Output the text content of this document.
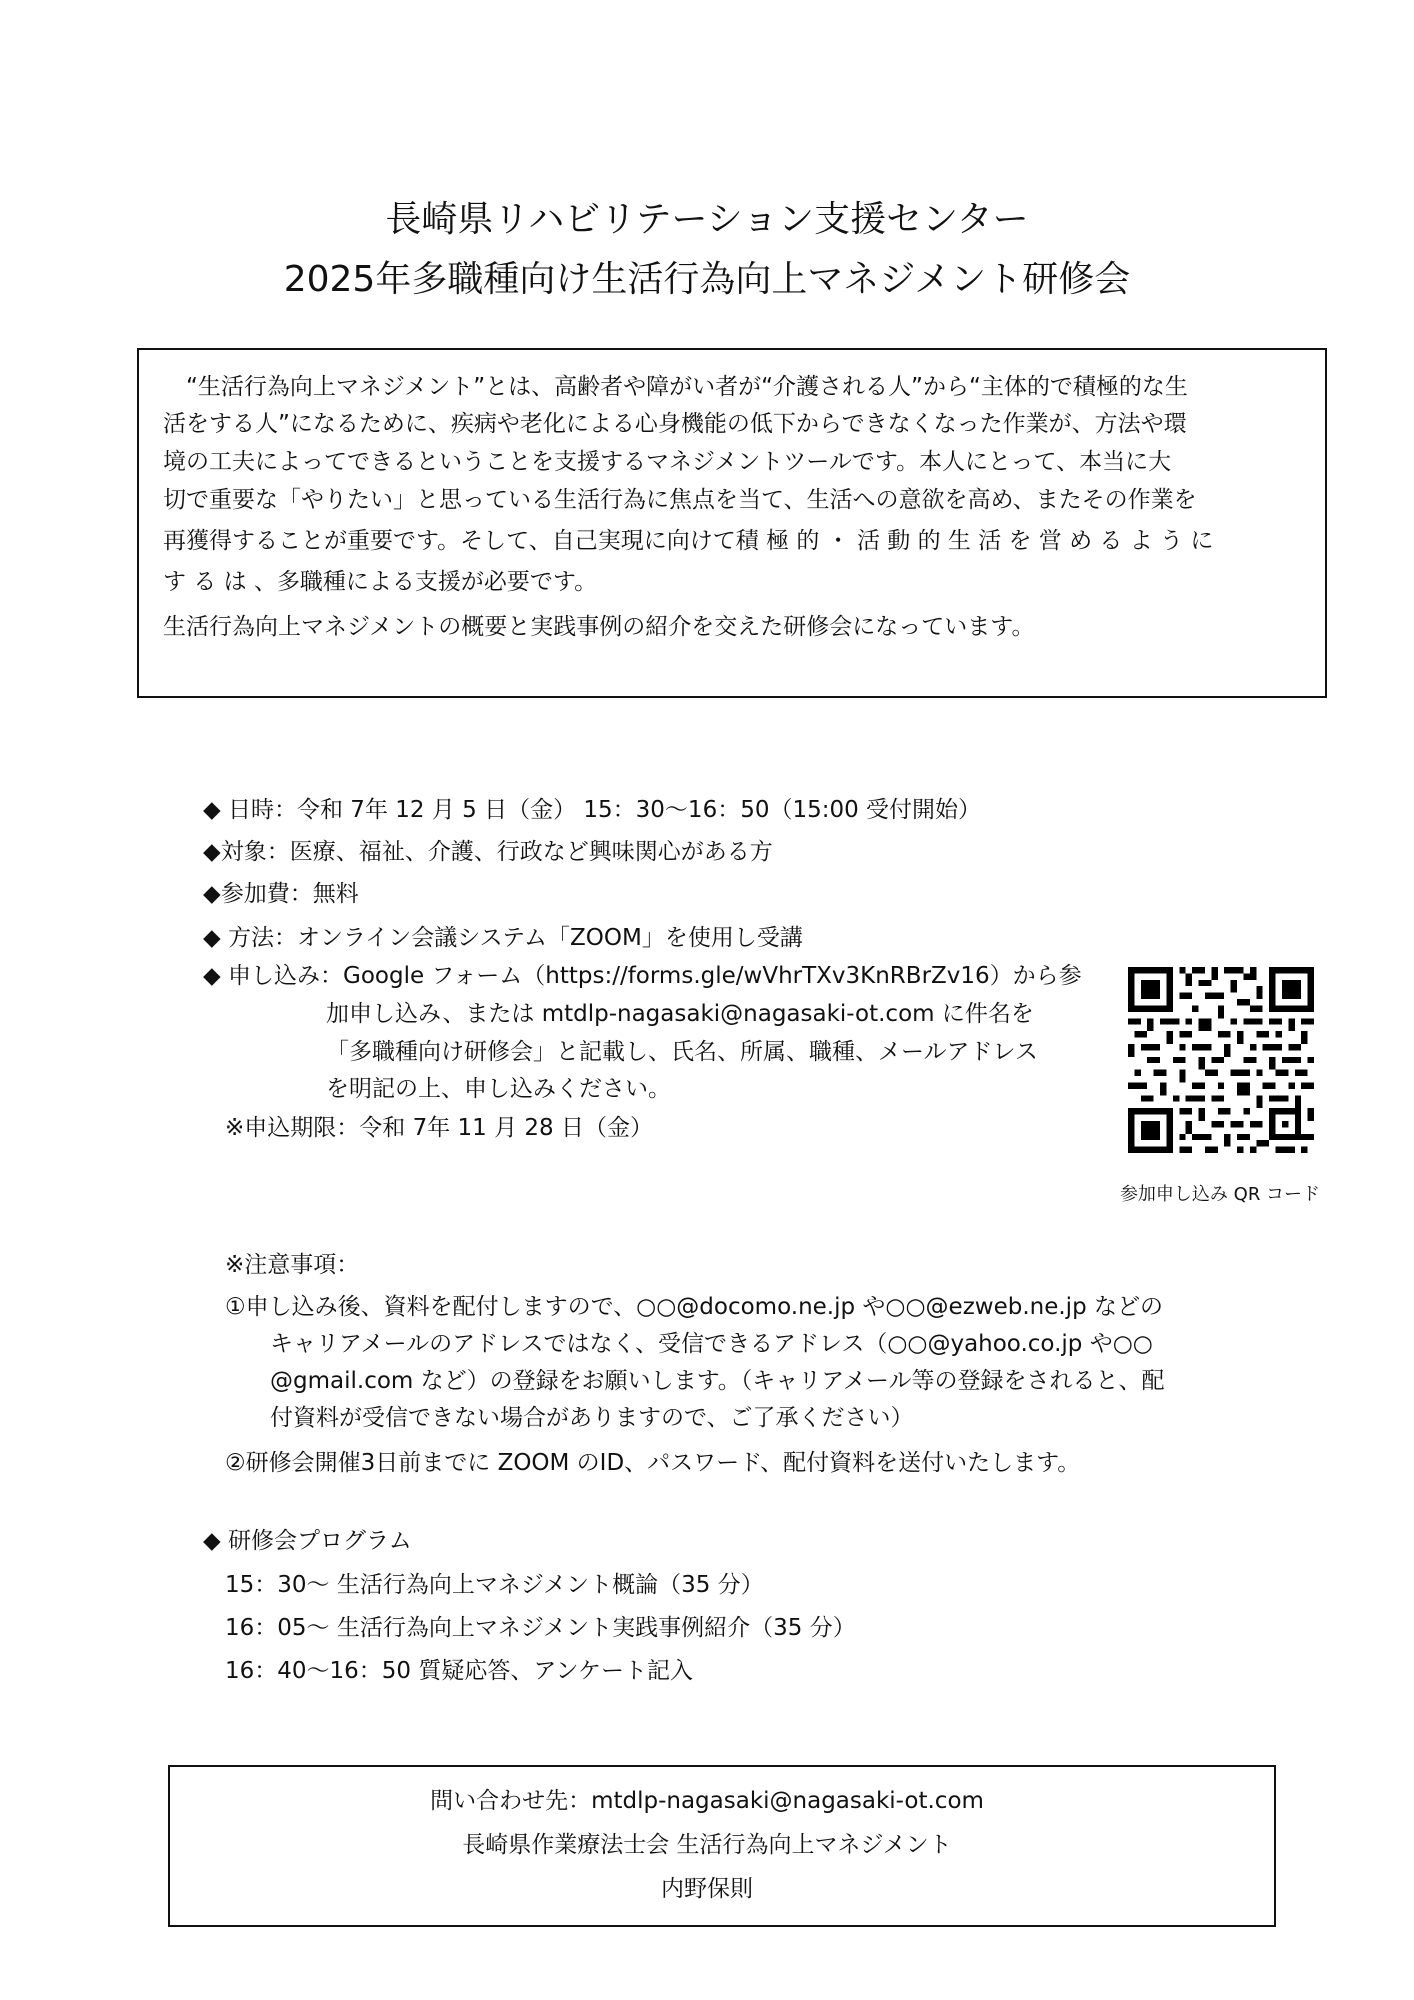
長崎県リハビリテーション支援センター
2025年多職種向け生活行為向上マネジメント研修会
　“生活行為向上マネジメント”とは、高齢者や障がい者が“介護される人”から“主体的で積極的な生
活をする人”になるために、疾病や老化による心身機能の低下からできなくなった作業が、方法や環
境の工夫によってできるということを支援するマネジメントツールです。本人にとって、本当に大
切で重要な「やりたい」と思っている生活行為に焦点を当て、生活への意欲を高め、またその作業を
再獲得することが重要です。そして、自己実現に向けて積 極 的 ・ 活 動 的 生 活 を 営 め る よ う に
す る は 、多職種による支援が必要です。
生活行為向上マネジメントの概要と実践事例の紹介を交えた研修会になっています。
◆ 日時：令和 7年 12 月 5 日（金） 15：30〜16：50（15:00 受付開始）
◆対象：医療、福祉、介護、行政など興味関心がある方
◆参加費：無料
◆ 方法：オンライン会議システム「ZOOM」を使用し受講
◆ 申し込み：Google フォーム（https://forms.gle/wVhrTXv3KnRBrZv16）から参
加申し込み、または mtdlp-nagasaki@nagasaki-ot.com に件名を
「多職種向け研修会」と記載し、氏名、所属、職種、メールアドレス
を明記の上、申し込みください。
※申込期限：令和 7年 11 月 28 日（金）
参加申し込み QR コード
※注意事項：
①申し込み後、資料を配付しますので、○○@docomo.ne.jp や○○@ezweb.ne.jp などの
キャリアメールのアドレスではなく、受信できるアドレス（○○@yahoo.co.jp や○○
@gmail.com など）の登録をお願いします。（キャリアメール等の登録をされると、配
付資料が受信できない場合がありますので、ご了承ください）
②研修会開催3日前までに ZOOM のID、パスワード、配付資料を送付いたします。
◆ 研修会プログラム
15：30〜 生活行為向上マネジメント概論（35 分）
16：05〜 生活行為向上マネジメント実践事例紹介（35 分）
16：40〜16：50 質疑応答、アンケート記入
問い合わせ先：mtdlp-nagasaki@nagasaki-ot.com
長崎県作業療法士会 生活行為向上マネジメント
内野保則
